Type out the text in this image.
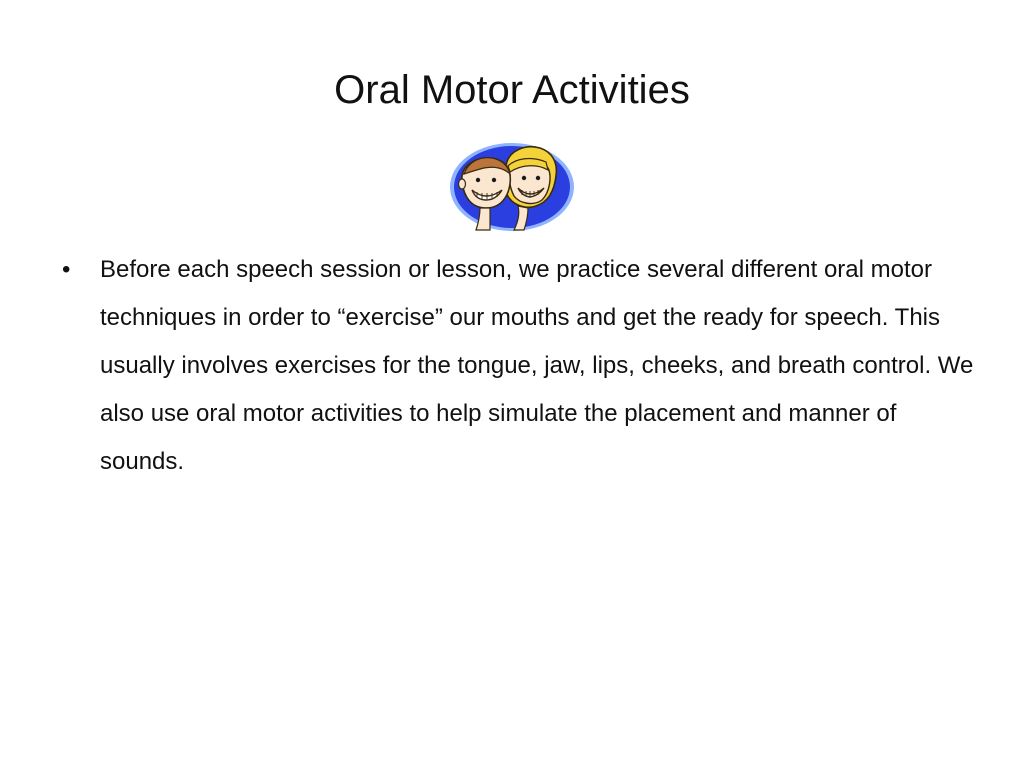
Oral Motor Activities
• Before each speech session or lesson, we practice several different oral motor techniques in order to “exercise” our mouths and get the ready for speech. This usually involves exercises for the tongue, jaw, lips, cheeks, and breath control. We also use oral motor activities to help simulate the placement and manner of sounds.
